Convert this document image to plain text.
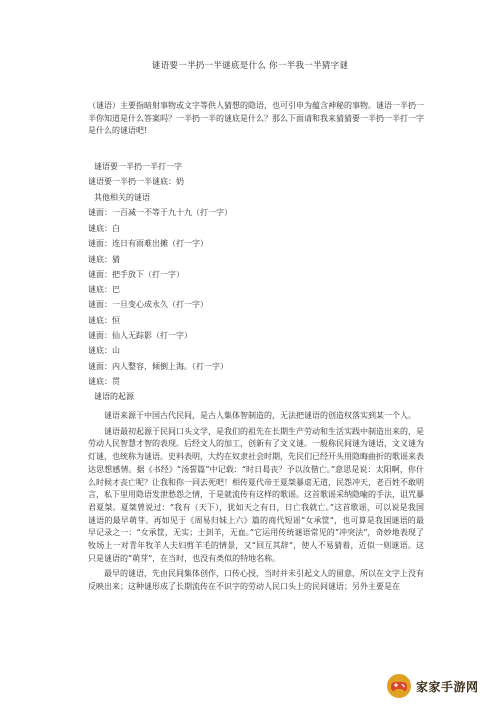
谜语要一半扔一半谜底是什么 你一半我一半猜字谜

（谜语）主要指暗射事物或文字等供人猜想的隐语，也可引申为蕴含神秘的事物。谜语一半扔一半你知道是什么答案吗？一半扔一半的谜底是什么？那么下面请和我来猜猜要一半扔一半打一字是什么的谜语吧!

谜语要一半扔一半打一字
谜语要一半扔一半谜底：奶
其他相关的谜语
谜面：一百减一不等于九十九（打一字）
谜底：白
谜面：连日有雨难出摊（打一字）
谜底：猜
谜面：把手放下（打一字）
谜底：巴
谜面：一旦变心成永久（打一字）
谜底：恒
谜面：仙人无踪影（打一字）
谜底：山
谜面：内人整容，倾倒上海。（打一字）
谜底：贯
谜语的起源

谜语来源于中国古代民间，是古人集体智制造的，无法把谜语的创造权落实到某一个人。

谜语最初起源于民间口头文学，是我们的祖先在长期生产劳动和生活实践中制造出来的，是劳动人民智慧才智的表现。后经文人的加工，创新有了文义谜。一般称民间谜为谜语，文义谜为灯谜，也统称为谜语。史料表明，大约在奴隶社会时期，先民们已经开头用隐晦曲折的歌谣来表达思想感情。据《书经》“汤誓篇”中记载：“时日曷丧？予以汝偕亡。”意思是说：太阳啊，你什么时候才丧亡呢？让我和你一同去死吧！相传夏代帝王夏桀暴虐无道，民怨冲天，老百姓不敢明言，私下里用隐语发泄愁怨之情，于是就流传有这样的歌谣。这首歌谣采纳隐喻的手法，诅咒暴君夏桀。夏桀曾说过：“我有（天下），犹如天之有日，日亡我就亡。”这首歌谣，可以说是我国谜语的最早萌芽。再如见于《周易归妹上六》篇的商代短谣“女承筐”，也可算是我国谜语的最早记录之一：“女承筐，无实；士刲羊，无血。”它运用传统谜语常见的“冲突法”，奇妙地表现了牧场上一对青年牧羊人夫妇剪羊毛的情景，又“回互其辞”，使人不易猜着，近似一则谜语。这只是谜语的“萌芽”，在当时，也没有类似的特地名称。

最早的谜语，先由民间集体创作，口传心授，当时并未引起文人的留意，所以在文字上没有反映出来；这种谜形成了长期流传在不识字的劳动人民口头上的民间谜语；另外主要是在

家家手游网
